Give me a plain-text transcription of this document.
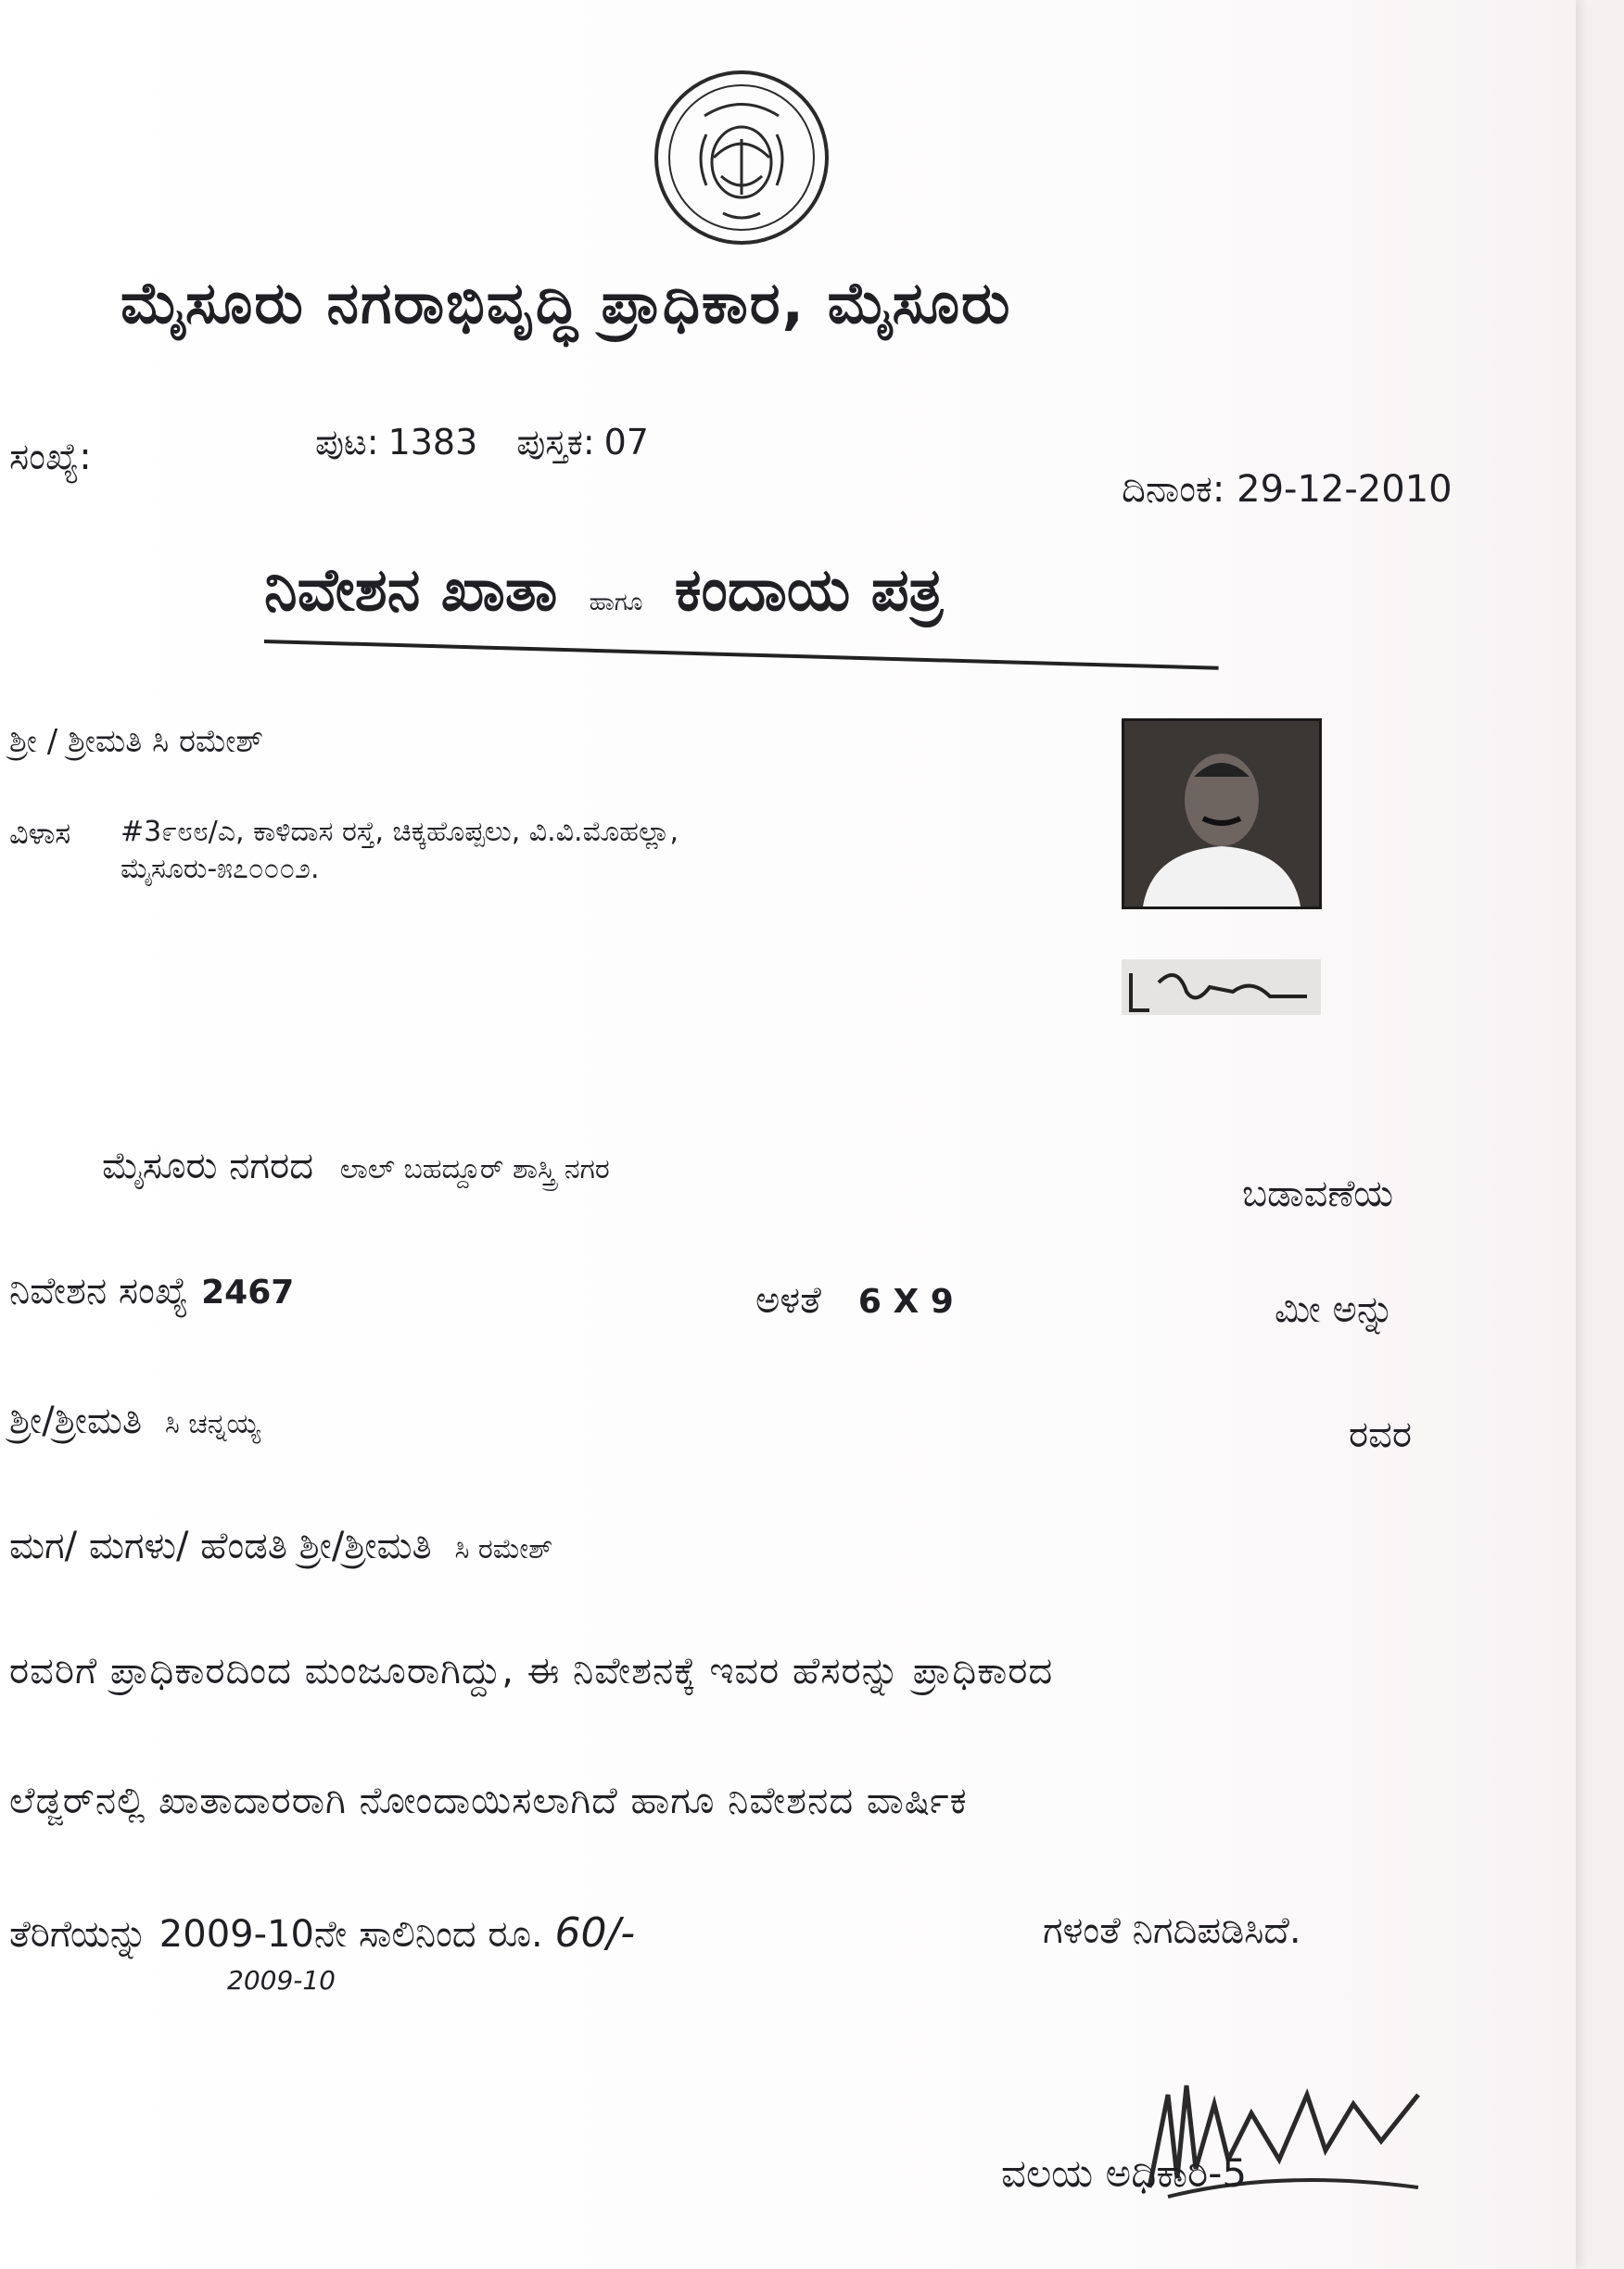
ಮೈಸೂರು ನಗರಾಭಿವೃದ್ಧಿ ಪ್ರಾಧಿಕಾರ, ಮೈಸೂರು
ಸಂಖ್ಯೆ:	ಪುಟ: 1383 ಪುಸ್ತಕ: 07
ದಿನಾಂಕ: 29-12-2010
ನಿವೇಶನ ಖಾತಾ ಹಾಗೂ ಕಂದಾಯ ಪತ್ರ
ಶ್ರೀ / ಶ್ರೀಮತಿ ಸಿ ರಮೇಶ್
ವಿಳಾಸ #3೯೮೮/ಎ, ಕಾಳಿದಾಸ ರಸ್ತೆ, ಚಿಕ್ಕಹೊಪ್ಪಲು, ವಿ.ವಿ.ಮೊಹಲ್ಲಾ,
ಮೈಸೂರು-೫೭೦೦೦೨.
ಮೈಸೂರು ನಗರದ ಲಾಲ್ ಬಹದ್ದೂರ್ ಶಾಸ್ತ್ರಿ ನಗರ
ಬಡಾವಣೆಯ
ನಿವೇಶನ ಸಂಖ್ಯೆ 2467	ಅಳತೆ 6 X 9	ಮೀ ಅನ್ನು
ಶ್ರೀ/ಶ್ರೀಮತಿ ಸಿ ಚನ್ನಯ್ಯ	ರವರ
ಮಗ/ ಮಗಳು/ ಹೆಂಡತಿ ಶ್ರೀ/ಶ್ರೀಮತಿ ಸಿ ರಮೇಶ್
ರವರಿಗೆ ಪ್ರಾಧಿಕಾರದಿಂದ ಮಂಜೂರಾಗಿದ್ದು, ಈ ನಿವೇಶನಕ್ಕೆ ಇವರ ಹೆಸರನ್ನು ಪ್ರಾಧಿಕಾರದ
ಲೆಡ್ಜರ್‌ನಲ್ಲಿ ಖಾತಾದಾರರಾಗಿ ನೋಂದಾಯಿಸಲಾಗಿದೆ ಹಾಗೂ ನಿವೇಶನದ ವಾರ್ಷಿಕ
ತೆರಿಗೆಯನ್ನು 2009-10ನೇ ಸಾಲಿನಿಂದ ರೂ. 60/-	ಗಳಂತೆ ನಿಗದಿಪಡಿಸಿದೆ.
2009-10
ವಲಯ ಅಧಿಕಾರಿ-5
